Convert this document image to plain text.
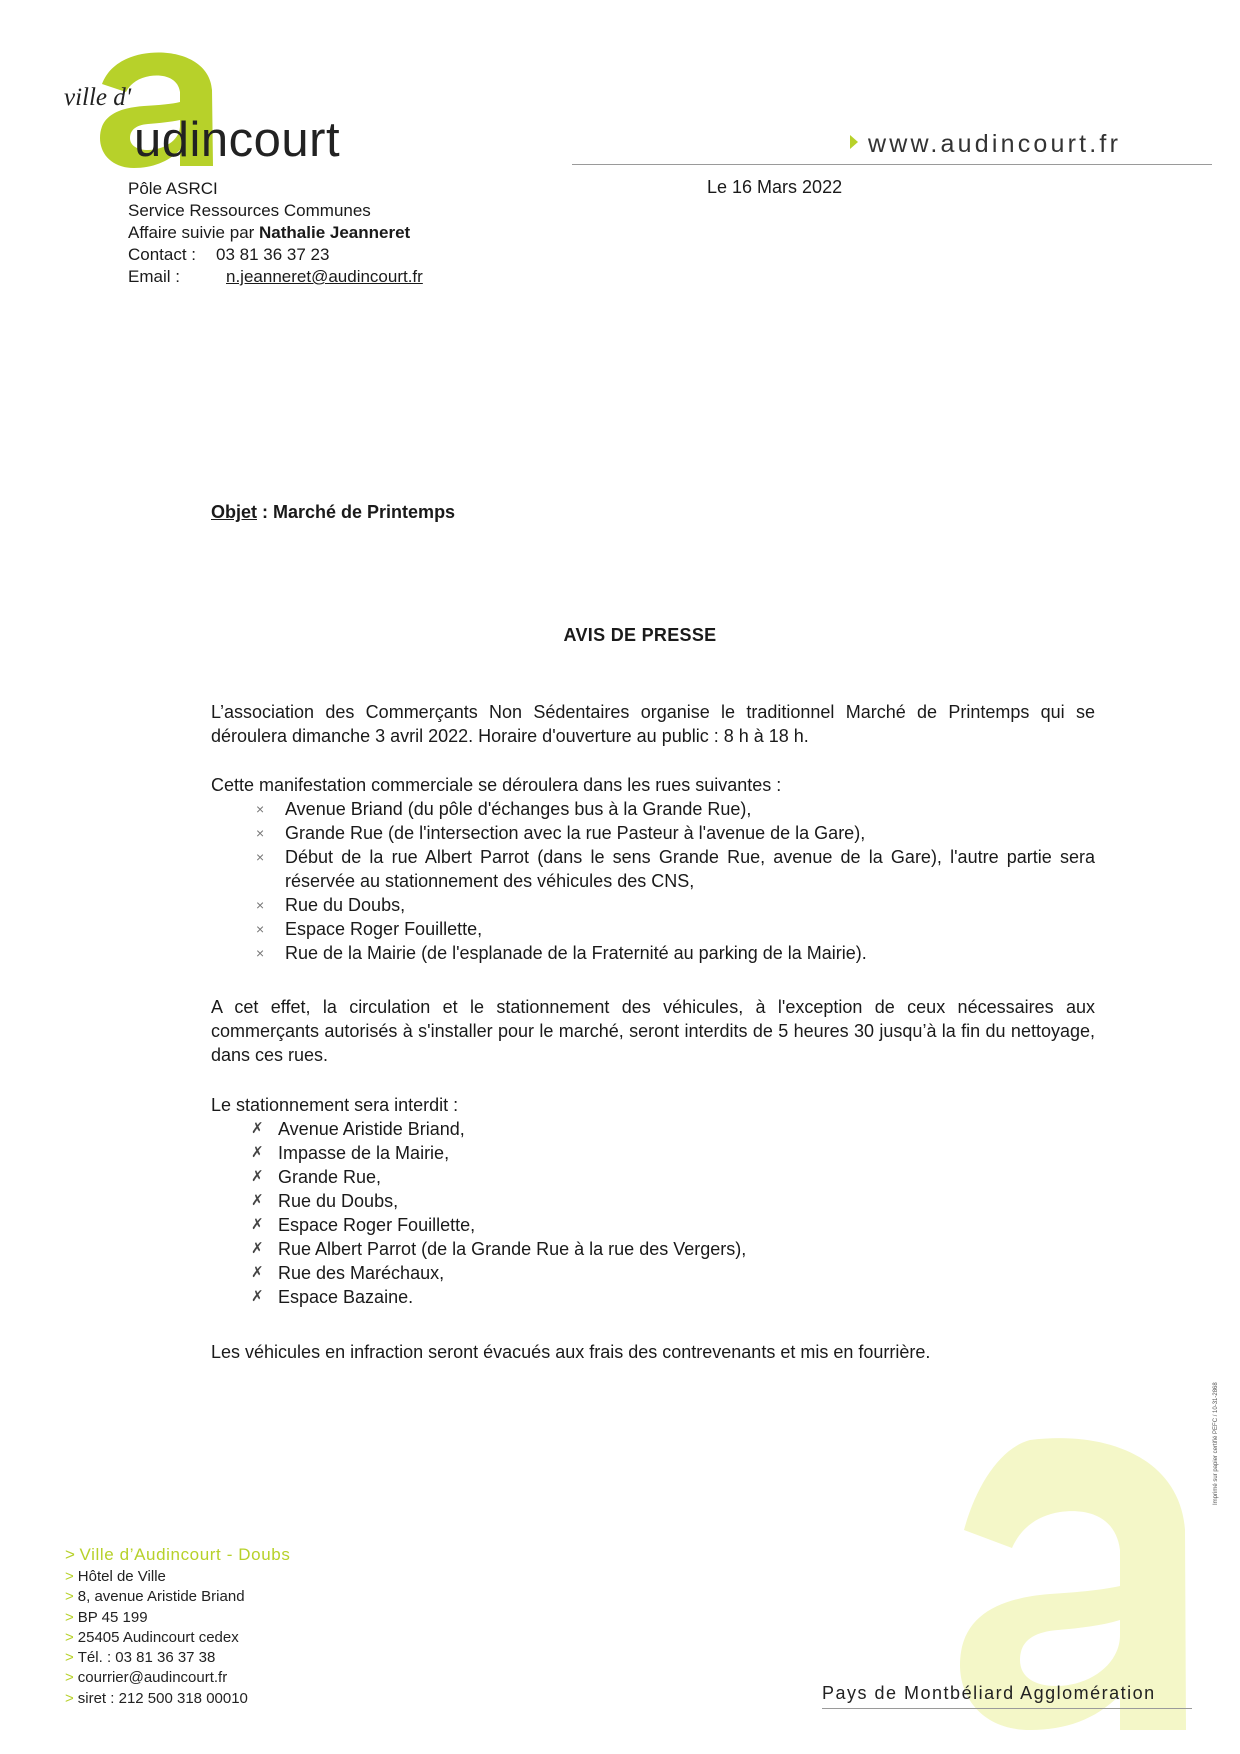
ville d'
udincourt	www.audincourt.fr
Pôle ASRCI
Service Ressources Communes
Affaire suivie par Nathalie Jeanneret
Contact : 03 81 36 37 23
Email :	n.jeanneret@audincourt.fr
Le 16 Mars 2022
Objet : Marché de Printemps
AVIS DE PRESSE
L’association des Commerçants Non Sédentaires organise le traditionnel Marché de Printemps qui se déroulera dimanche 3 avril 2022. Horaire d'ouverture au public : 8 h à 18 h.
Cette manifestation commerciale se déroulera dans les rues suivantes :
× Avenue Briand (du pôle d'échanges bus à la Grande Rue),
× Grande Rue (de l'intersection avec la rue Pasteur à l'avenue de la Gare),
× Début de la rue Albert Parrot (dans le sens Grande Rue, avenue de la Gare), l'autre partie sera réservée au stationnement des véhicules des CNS,
× Rue du Doubs,
× Espace Roger Fouillette,
× Rue de la Mairie (de l'esplanade de la Fraternité au parking de la Mairie).
A cet effet, la circulation et le stationnement des véhicules, à l'exception de ceux nécessaires aux commerçants autorisés à s'installer pour le marché, seront interdits de 5 heures 30 jusqu’à la fin du nettoyage, dans ces rues.
Le stationnement sera interdit :
✗ Avenue Aristide Briand,
✗ Impasse de la Mairie,
✗ Grande Rue,
✗ Rue du Doubs,
✗ Espace Roger Fouillette,
✗ Rue Albert Parrot (de la Grande Rue à la rue des Vergers),
✗ Rue des Maréchaux,
✗ Espace Bazaine.
Les véhicules en infraction seront évacués aux frais des contrevenants et mis en fourrière.
> Ville d’Audincourt - Doubs
> Hôtel de Ville
> 8, avenue Aristide Briand
> BP 45 199
> 25405 Audincourt cedex
> Tél. : 03 81 36 37 38
> courrier@audincourt.fr
> siret : 212 500 318 00010	Pays de Montbéliard Agglomération
Imprimé sur papier certifié PEFC / 10-31-2868
